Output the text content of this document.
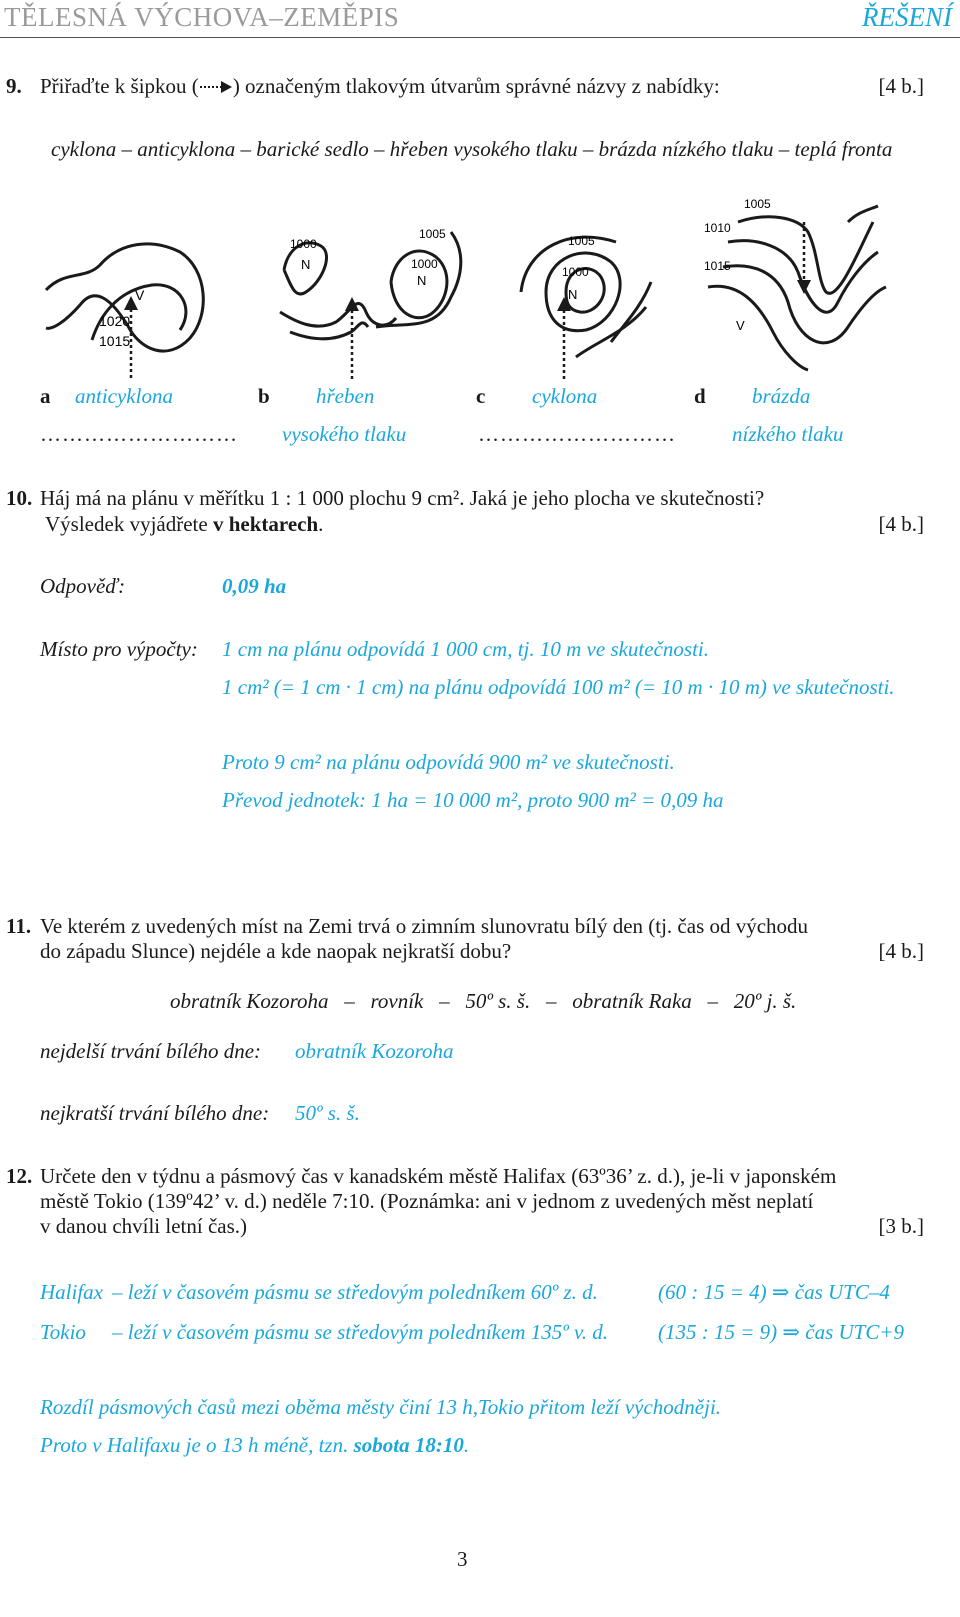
TĚLESNÁ VÝCHOVA–ZEMĚPIS	ŘEŠENÍ
9. Přiřaďte k šipkou ( ) označeným tlakovým útvarům správné názvy z nabídky:	[4 b.]
cyklona – anticyklona – barické sedlo – hřeben vysokého tlaku – brázda nízkého tlaku – teplá fronta
V
1020
1015
1000
N
1005
1000
N
1005
1000
N
1005
1010
1015
V
a anticyklona
………………………
b hřeben
vysokého tlaku
c cyklona
………………………
d brázda
nízkého tlaku
10. Háj má na plánu v měřítku 1 : 1 000 plochu 9 cm². Jaká je jeho plocha ve skutečnosti?
Výsledek vyjádřete v hektarech.	[4 b.]
Odpověď:	0,09 ha
Místo pro výpočty: 1 cm na plánu odpovídá 1 000 cm, tj. 10 m ve skutečnosti.
1 cm² (= 1 cm · 1 cm) na plánu odpovídá 100 m² (= 10 m · 10 m) ve skutečnosti.
Proto 9 cm² na plánu odpovídá 900 m² ve skutečnosti.
Převod jednotek: 1 ha = 10 000 m², proto 900 m² = 0,09 ha
11. Ve kterém z uvedených míst na Zemi trvá o zimním slunovratu bílý den (tj. čas od východu
do západu Slunce) nejdéle a kde naopak nejkratší dobu?	[4 b.]
obratník Kozoroha   –   rovník   –   50º s. š.   –   obratník Raka   –   20º j. š.
nejdelší trvání bílého dne: obratník Kozoroha
nejkratší trvání bílého dne: 50º s. š.
12. Určete den v týdnu a pásmový čas v kanadském městě Halifax (63º36’ z. d.), je-li v japonském
městě Tokio (139º42’ v. d.) neděle 7:10. (Poznámka: ani v jednom z uvedených měst neplatí
v danou chvíli letní čas.)	[3 b.]
Halifax – leží v časovém pásmu se středovým poledníkem 60º z. d.	(60 : 15 = 4) ⇒ čas UTC–4
Tokio – leží v časovém pásmu se středovým poledníkem 135º v. d. (135 : 15 = 9) ⇒ čas UTC+9
Rozdíl pásmových časů mezi oběma městy činí 13 h,Tokio přitom leží východněji.
Proto v Halifaxu je o 13 h méně, tzn. sobota 18:10.
3
